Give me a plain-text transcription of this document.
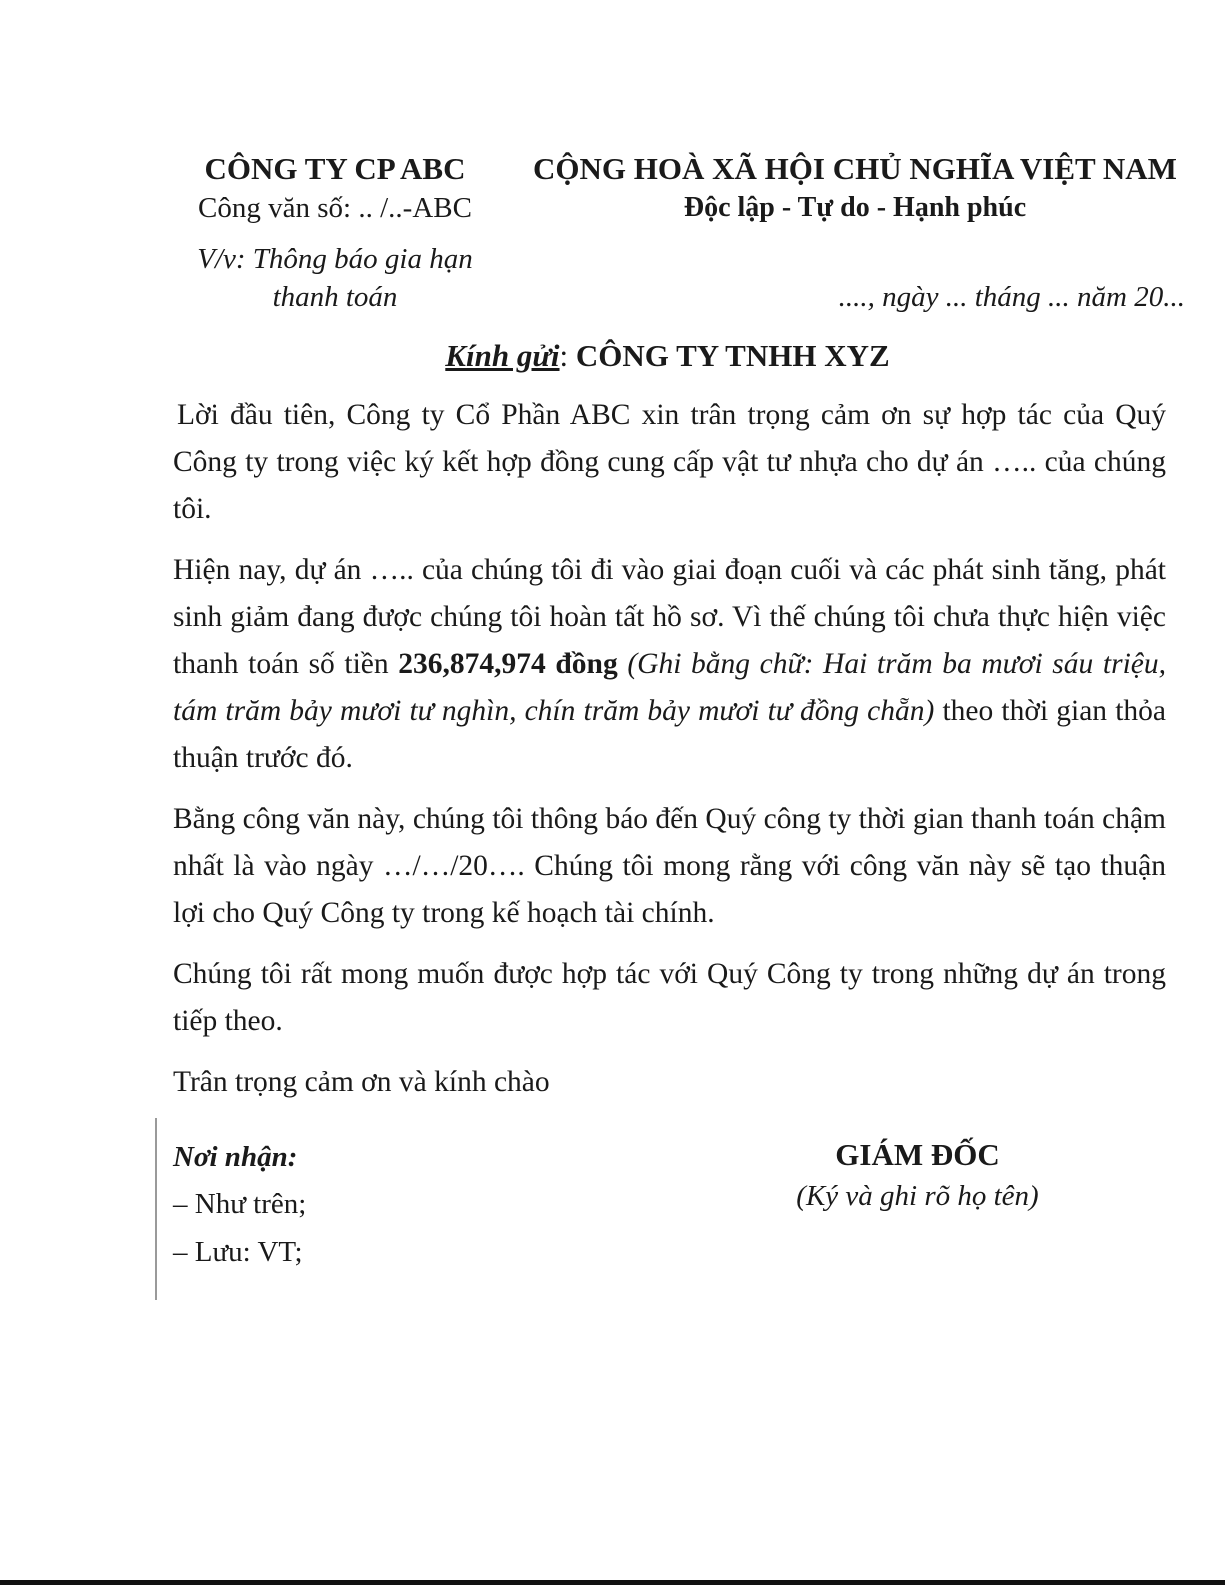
CÔNG TY CP ABC
Công văn số: .. /..-ABC
CỘNG HOÀ XÃ HỘI CHỦ NGHĨA VIỆT NAM
Độc lập - Tự do - Hạnh phúc
V/v: Thông báo gia hạn
thanh toán	...., ngày ... tháng ... năm 20...
Kính gửi: CÔNG TY TNHH XYZ

Lời đầu tiên, Công ty Cổ Phần ABC xin trân trọng cảm ơn sự hợp tác của Quý Công ty trong việc ký kết hợp đồng cung cấp vật tư nhựa cho dự án ….. của chúng tôi.

Hiện nay, dự án ….. của chúng tôi đi vào giai đoạn cuối và các phát sinh tăng, phát sinh giảm đang được chúng tôi hoàn tất hồ sơ. Vì thế chúng tôi chưa thực hiện việc thanh toán số tiền 236,874,974 đồng (Ghi bằng chữ: Hai trăm ba mươi sáu triệu, tám trăm bảy mươi tư nghìn, chín trăm bảy mươi tư đồng chẵn) theo thời gian thỏa thuận trước đó.

Bằng công văn này, chúng tôi thông báo đến Quý công ty thời gian thanh toán chậm nhất là vào ngày …/…/20…. Chúng tôi mong rằng với công văn này sẽ tạo thuận lợi cho Quý Công ty trong kế hoạch tài chính.

Chúng tôi rất mong muốn được hợp tác với Quý Công ty trong những dự án trong tiếp theo.

Trân trọng cảm ơn và kính chào

Nơi nhận:
– Như trên;
– Lưu: VT;
GIÁM ĐỐC
(Ký và ghi rõ họ tên)
